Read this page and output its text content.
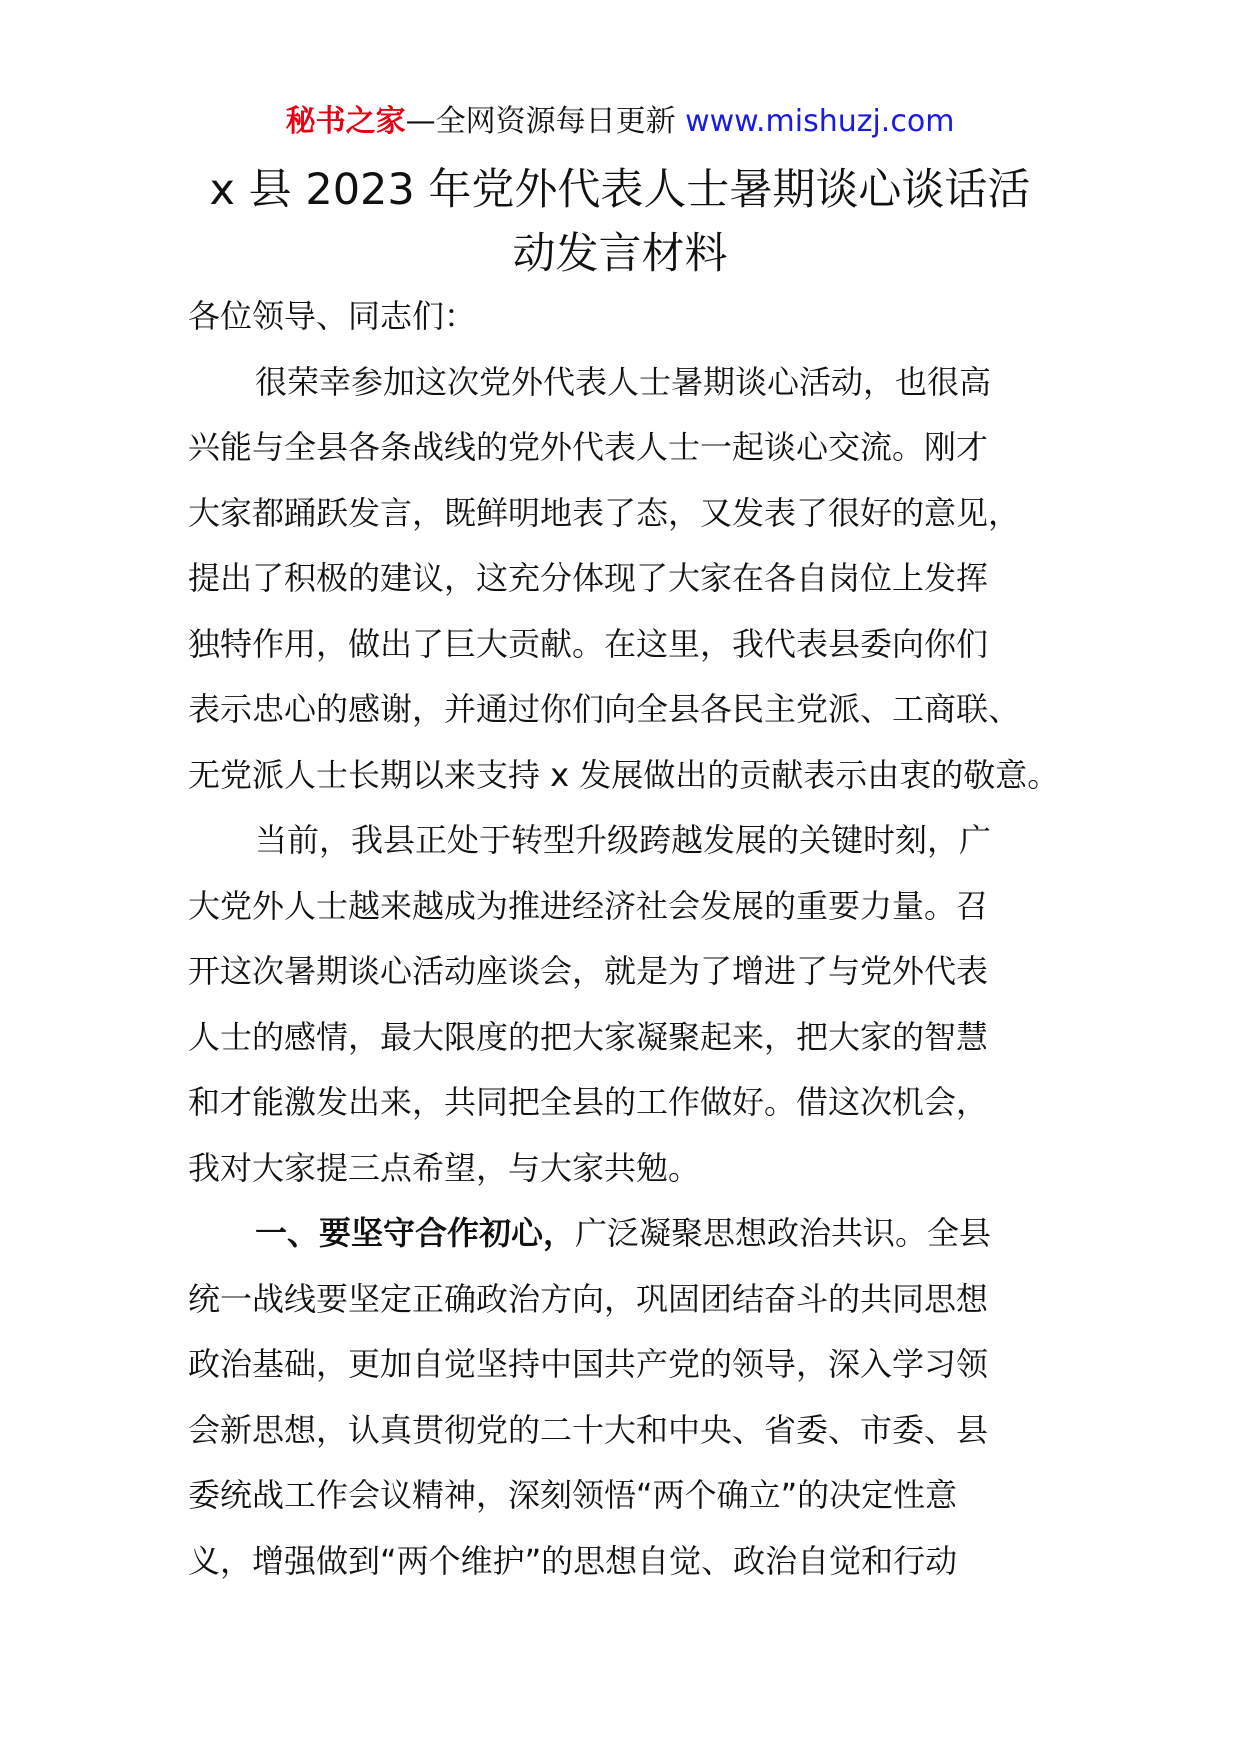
秘书之家—全网资源每日更新 www.mishuzj.com
x 县 2023 年党外代表人士暑期谈心谈话活
动发言材料
各位领导、同志们：
很荣幸参加这次党外代表人士暑期谈心活动，也很高
兴能与全县各条战线的党外代表人士一起谈心交流。刚才
大家都踊跃发言，既鲜明地表了态，又发表了很好的意见，
提出了积极的建议，这充分体现了大家在各自岗位上发挥
独特作用，做出了巨大贡献。在这里，我代表县委向你们
表示忠心的感谢，并通过你们向全县各民主党派、工商联、
无党派人士长期以来支持 x 发展做出的贡献表示由衷的敬意。
当前，我县正处于转型升级跨越发展的关键时刻，广
大党外人士越来越成为推进经济社会发展的重要力量。召
开这次暑期谈心活动座谈会，就是为了增进了与党外代表
人士的感情，最大限度的把大家凝聚起来，把大家的智慧
和才能激发出来，共同把全县的工作做好。借这次机会，
我对大家提三点希望，与大家共勉。
一、要坚守合作初心，广泛凝聚思想政治共识。全县
统一战线要坚定正确政治方向，巩固团结奋斗的共同思想
政治基础，更加自觉坚持中国共产党的领导，深入学习领
会新思想，认真贯彻党的二十大和中央、省委、市委、县
委统战工作会议精神，深刻领悟“两个确立”的决定性意
义，增强做到“两个维护”的思想自觉、政治自觉和行动
